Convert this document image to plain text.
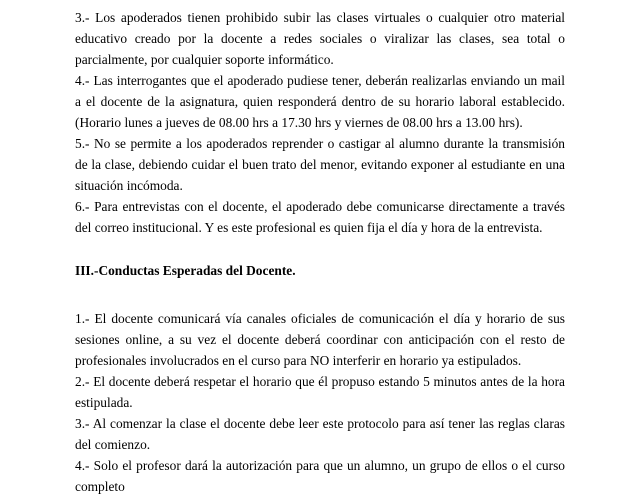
3.- Los apoderados tienen prohibido subir las clases virtuales o cualquier otro material educativo creado por la docente a redes sociales o viralizar las clases, sea total o parcialmente, por cualquier soporte informático.

4.- Las interrogantes que el apoderado pudiese tener, deberán realizarlas enviando un mail a el docente de la asignatura, quien responderá dentro de su horario laboral establecido. (Horario lunes a jueves de 08.00 hrs a 17.30 hrs y viernes de 08.00 hrs a 13.00 hrs).

5.- No se permite a los apoderados reprender o castigar al alumno durante la transmisión de la clase, debiendo cuidar el buen trato del menor, evitando exponer al estudiante en una situación incómoda.

6.- Para entrevistas con el docente, el apoderado debe comunicarse directamente a través del correo institucional. Y es este profesional es quien fija el día y hora de la entrevista.

III.-Conductas Esperadas del Docente.

1.- El docente comunicará vía canales oficiales de comunicación el día y horario de sus sesiones online, a su vez el docente deberá coordinar con anticipación con el resto de profesionales involucrados en el curso para NO interferir en horario ya estipulados.

2.- El docente deberá respetar el horario que él propuso estando 5 minutos antes de la hora estipulada.

3.- Al comenzar la clase el docente debe leer este protocolo para así tener las reglas claras del comienzo.

4.- Solo el profesor dará la autorización para que un alumno, un grupo de ellos o el curso completo
